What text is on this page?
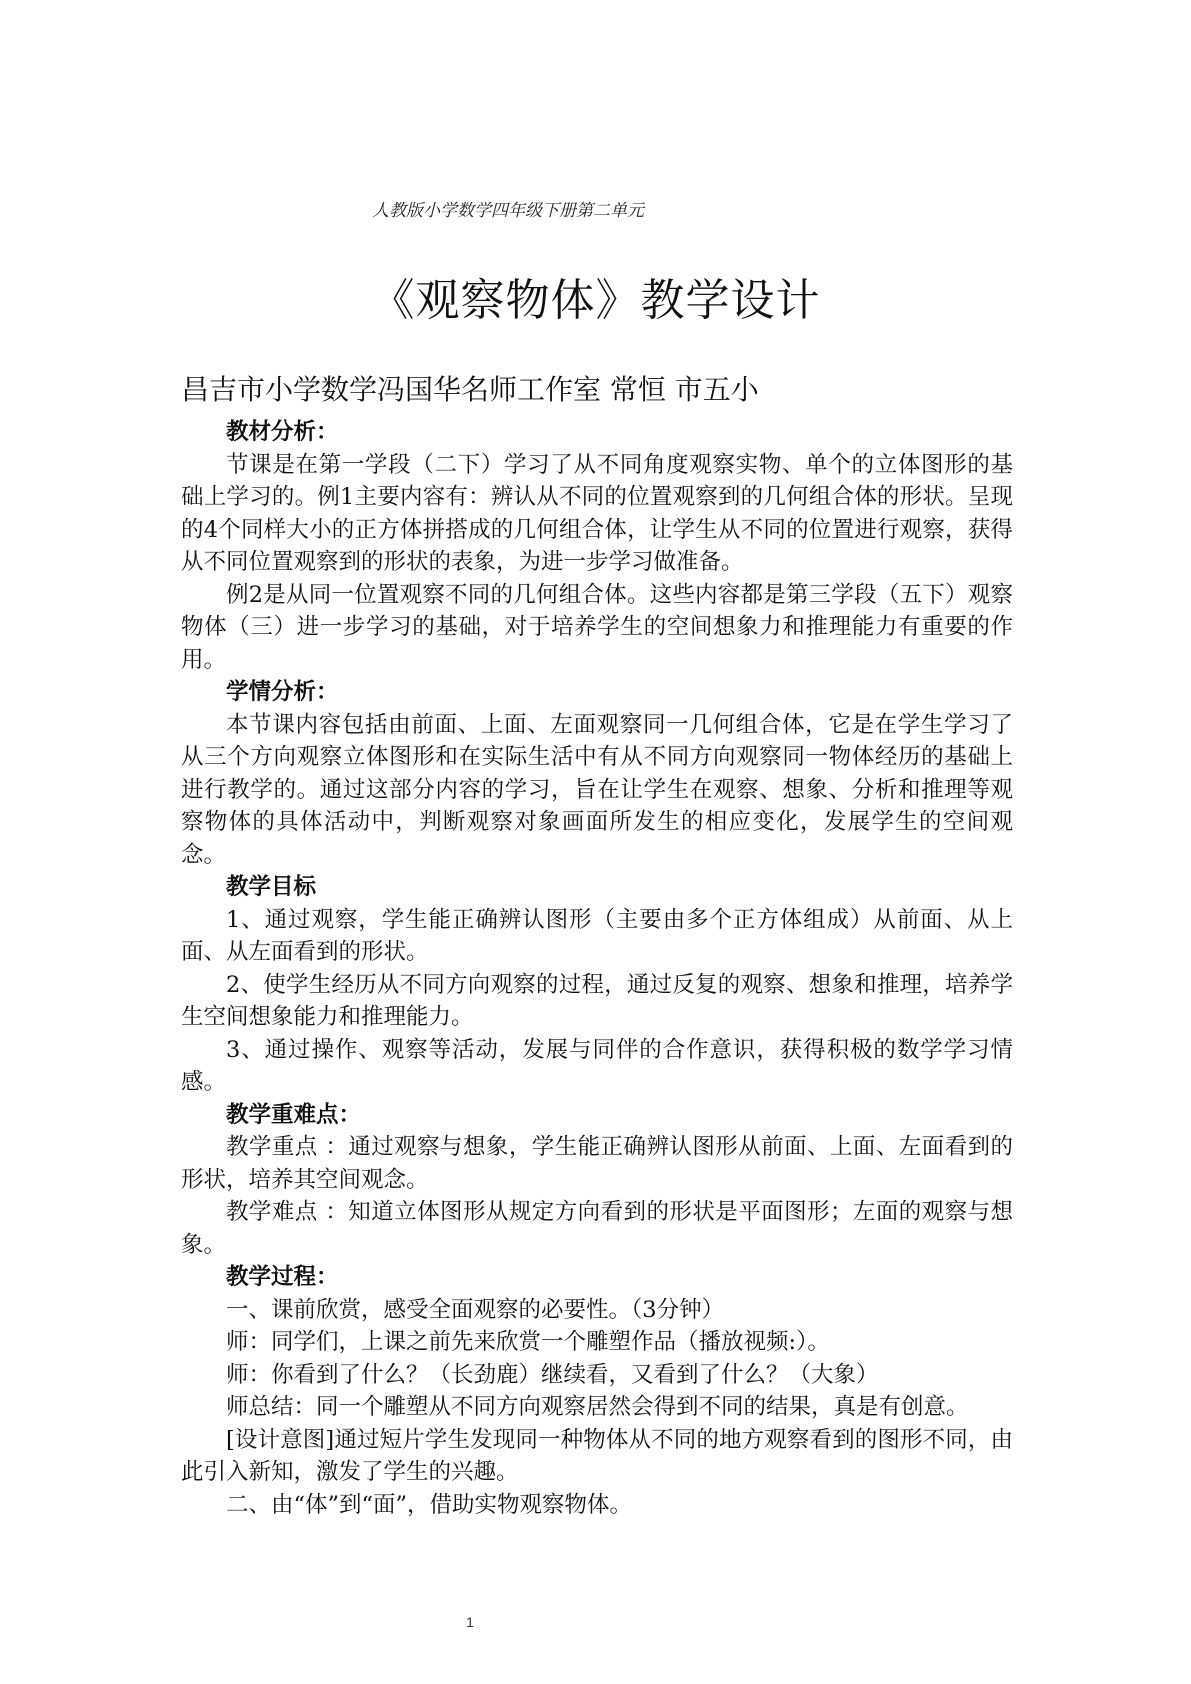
人教版小学数学四年级下册第二单元
《观察物体》教学设计
昌吉市小学数学冯国华名师工作室 常恒 市五小
教材分析：

节课是在第一学段（二下）学习了从不同角度观察实物、单个的立体图形的基础上学习的。例1主要内容有：辨认从不同的位置观察到的几何组合体的形状。呈现的4个同样大小的正方体拼搭成的几何组合体，让学生从不同的位置进行观察，获得从不同位置观察到的形状的表象，为进一步学习做准备。

例2是从同一位置观察不同的几何组合体。这些内容都是第三学段（五下）观察物体（三）进一步学习的基础，对于培养学生的空间想象力和推理能力有重要的作用。

学情分析：

本节课内容包括由前面、上面、左面观察同一几何组合体，它是在学生学习了从三个方向观察立体图形和在实际生活中有从不同方向观察同一物体经历的基础上进行教学的。通过这部分内容的学习，旨在让学生在观察、想象、分析和推理等观察物体的具体活动中，判断观察对象画面所发生的相应变化，发展学生的空间观念。

教学目标

1、通过观察，学生能正确辨认图形（主要由多个正方体组成）从前面、从上面、从左面看到的形状。

2、使学生经历从不同方向观察的过程，通过反复的观察、想象和推理，培养学生空间想象能力和推理能力。

3、通过操作、观察等活动，发展与同伴的合作意识，获得积极的数学学习情感。

教学重难点：

教学重点 ：通过观察与想象，学生能正确辨认图形从前面、上面、左面看到的形状，培养其空间观念。

教学难点 ：知道立体图形从规定方向看到的形状是平面图形；左面的观察与想象。

教学过程：

一、课前欣赏，感受全面观察的必要性。（3分钟）

师：同学们，上课之前先来欣赏一个雕塑作品（播放视频:）。

师：你看到了什么？（长劲鹿）继续看，又看到了什么？（大象）

师总结：同一个雕塑从不同方向观察居然会得到不同的结果，真是有创意。

[设计意图]通过短片学生发现同一种物体从不同的地方观察看到的图形不同，由此引入新知，激发了学生的兴趣。

二、由“体”到“面”，借助实物观察物体。

1
